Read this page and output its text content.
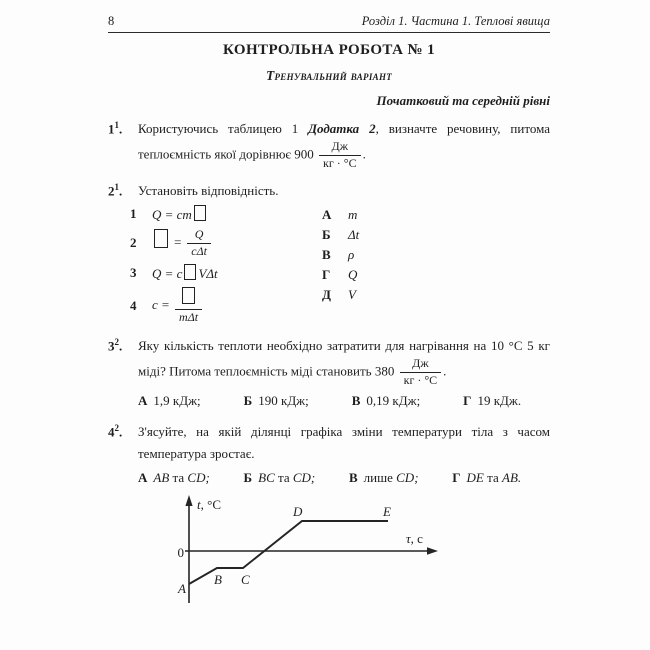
8	Розділ 1. Частина 1. Теплові явища
КОНТРОЛЬНА РОБОТА № 1
Тренувальний варіант
Початковий та середній рівні
$1^1$.	Користуючись таблицею 1 Додатка 2, визначте речовину, питома теплоємність якої дорівнює $900 \frac{Дж}{кг \cdot ^\circ С}$ .
$2^1$.	Установіть відповідність.
1	Q = cm
2	= $\frac{Q}{\text{cΔt}}$
3	Q = c VΔt
4	c =
mΔt
А	m
Б	Δt
В	ρ
Г	Q
Д	V
$3^2$.	Яку кількість теплоти необхідно затратити для нагрівання на 10 °С 5 кг міді? Питома теплоємність міді становить $380 \frac{Дж}{кг \cdot ^\circ С}$ .
А 1,9 кДж;	Б 190 кДж;	В 0,19 кДж;	Г 19 кДж.
$4^2$.	З'ясуйте, на якій ділянці графіка зміни температури тіла з часом температура зростає.
А AB та CD;	Б BC та CD;	В лише CD;	Г DE та AB.
t, °C
τ, c
0
A
B C
D	E
